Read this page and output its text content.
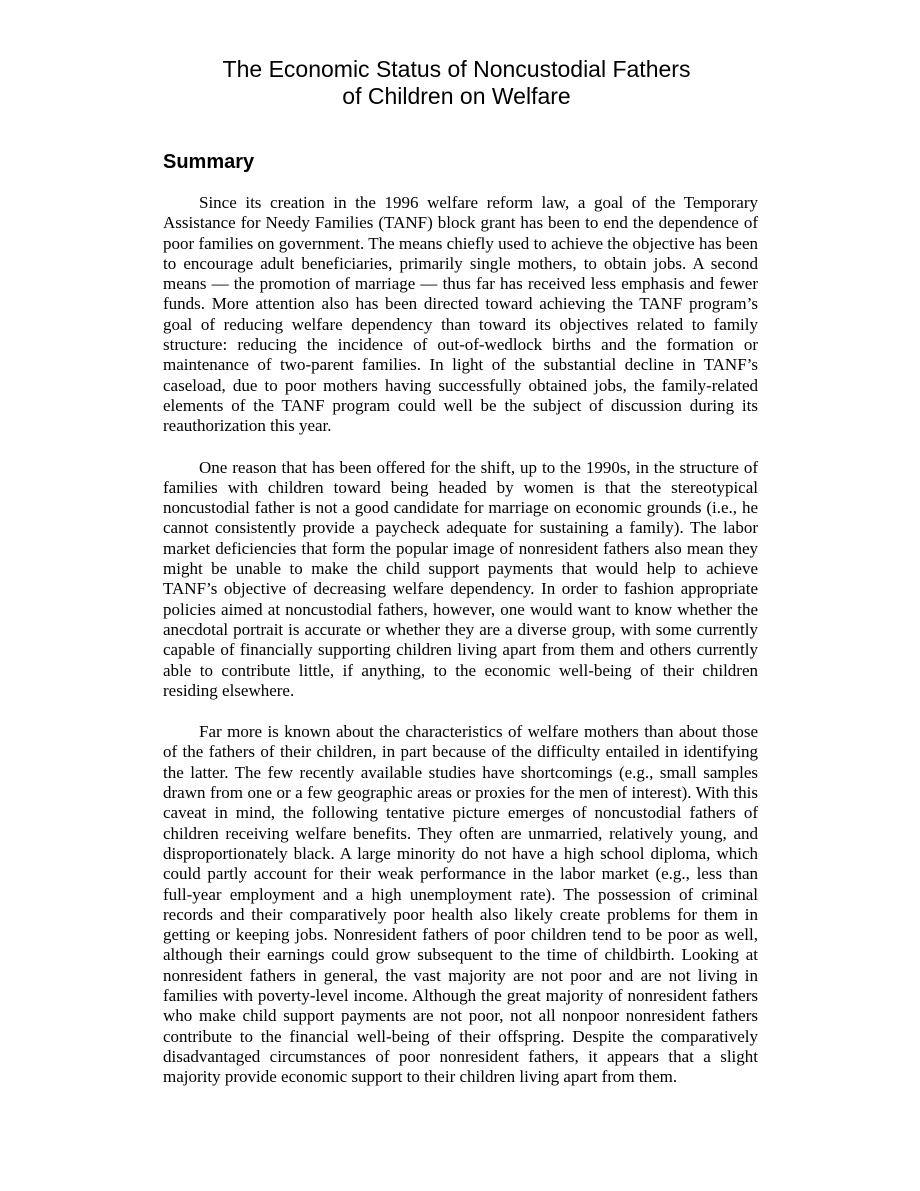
The Economic Status of Noncustodial Fathers
of Children on Welfare
Summary

Since its creation in the 1996 welfare reform law, a goal of the Temporary Assistance for Needy Families (TANF) block grant has been to end the dependence of poor families on government. The means chiefly used to achieve the objective has been to encourage adult beneficiaries, primarily single mothers, to obtain jobs. A second means — the promotion of marriage — thus far has received less emphasis and fewer funds. More attention also has been directed toward achieving the TANF program’s goal of reducing welfare dependency than toward its objectives related to family structure: reducing the incidence of out-of-wedlock births and the formation or maintenance of two-parent families. In light of the substantial decline in TANF’s caseload, due to poor mothers having successfully obtained jobs, the family-related elements of the TANF program could well be the subject of discussion during its reauthorization this year.

One reason that has been offered for the shift, up to the 1990s, in the structure of families with children toward being headed by women is that the stereotypical noncustodial father is not a good candidate for marriage on economic grounds (i.e., he cannot consistently provide a paycheck adequate for sustaining a family). The labor market deficiencies that form the popular image of nonresident fathers also mean they might be unable to make the child support payments that would help to achieve TANF’s objective of decreasing welfare dependency. In order to fashion appropriate policies aimed at noncustodial fathers, however, one would want to know whether the anecdotal portrait is accurate or whether they are a diverse group, with some currently capable of financially supporting children living apart from them and others currently able to contribute little, if anything, to the economic well-being of their children residing elsewhere.

Far more is known about the characteristics of welfare mothers than about those of the fathers of their children, in part because of the difficulty entailed in identifying the latter. The few recently available studies have shortcomings (e.g., small samples drawn from one or a few geographic areas or proxies for the men of interest). With this caveat in mind, the following tentative picture emerges of noncustodial fathers of children receiving welfare benefits. They often are unmarried, relatively young, and disproportionately black. A large minority do not have a high school diploma, which could partly account for their weak performance in the labor market (e.g., less than full-year employment and a high unemployment rate). The possession of criminal records and their comparatively poor health also likely create problems for them in getting or keeping jobs. Nonresident fathers of poor children tend to be poor as well, although their earnings could grow subsequent to the time of childbirth. Looking at nonresident fathers in general, the vast majority are not poor and are not living in families with poverty-level income. Although the great majority of nonresident fathers who make child support payments are not poor, not all nonpoor nonresident fathers contribute to the financial well-being of their offspring. Despite the comparatively disadvantaged circumstances of poor nonresident fathers, it appears that a slight majority provide economic support to their children living apart from them.
